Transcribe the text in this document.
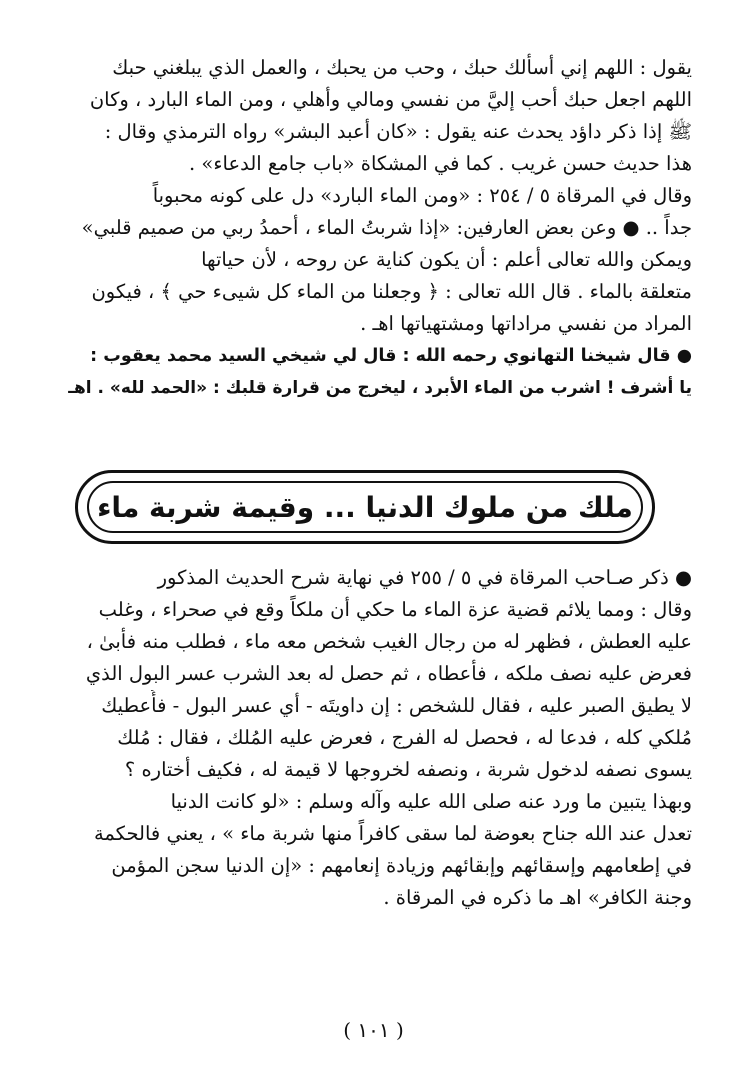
يقول : اللهم إني أسألك حبك ، وحب من يحبك ، والعمل الذي يبلغني حبك
اللهم اجعل حبك أحب إليَّ من نفسي ومالي وأهلي ، ومن الماء البارد ، وكان
ﷺ إذا ذكر داؤد يحدث عنه يقول : «كان أعبد البشر» رواه الترمذي وقال :
هذا حديث حسن غريب . كما في المشكاة «باب جامع الدعاء» .
وقال في المرقاة ٥ / ٢٥٤ : «ومن الماء البارد» دل على كونه محبوباً
جداً .. ● وعن بعض العارفين: «إذا شربتُ الماء ، أحمدُ ربي من صميم قلبي»
ويمكن والله تعالى أعلم : أن يكون كناية عن روحه ، لأن حياتها
متعلقة بالماء . قال الله تعالى : ﴿ وجعلنا من الماء كل شيىء حي ﴾ ، فيكون
المراد من نفسي مراداتها ومشتهياتها اهـ .
● قال شيخنا التهانوي رحمه الله : قال لي شيخي السيد محمد يعقوب :
يا أشرف ! اشرب من الماء الأبرد ، ليخرج من قرارة قلبك : «الحمد لله» . اهـ
ملك من ملوك الدنيا ... وقيمة شربة ماء
● ذكر صـاحب المرقاة في ٥ / ٢٥٥ في نهاية شرح الحديث المذكور
وقال : ومما يلائم قضية عزة الماء ما حكي أن ملكاً وقع في صحراء ، وغلب
عليه العطش ، فظهر له من رجال الغيب شخص معه ماء ، فطلب منه فأبىٰ ،
فعرض عليه نصف ملكه ، فأعطاه ، ثم حصل له بعد الشرب عسر البول الذي
لا يطيق الصبر عليه ، فقال للشخص : إن داويتَه - أي عسر البول - فأُعطيك
مُلكي كله ، فدعا له ، فحصل له الفرج ، فعرض عليه المُلك ، فقال : مُلك
يسوى نصفه لدخول شربة ، ونصفه لخروجها لا قيمة له ، فكيف أختاره ؟
وبهذا يتبين ما ورد عنه صلى الله عليه وآله وسلم : «لو كانت الدنيا
تعدل عند الله جناح بعوضة لما سقى كافراً منها شربة ماء » ، يعني فالحكمة
في إطعامهم وإسقائهم وإبقائهم وزيادة إنعامهم : «إن الدنيا سجن المؤمن
وجنة الكافر» اهـ ما ذكره في المرقاة .
( ١٠١ )
